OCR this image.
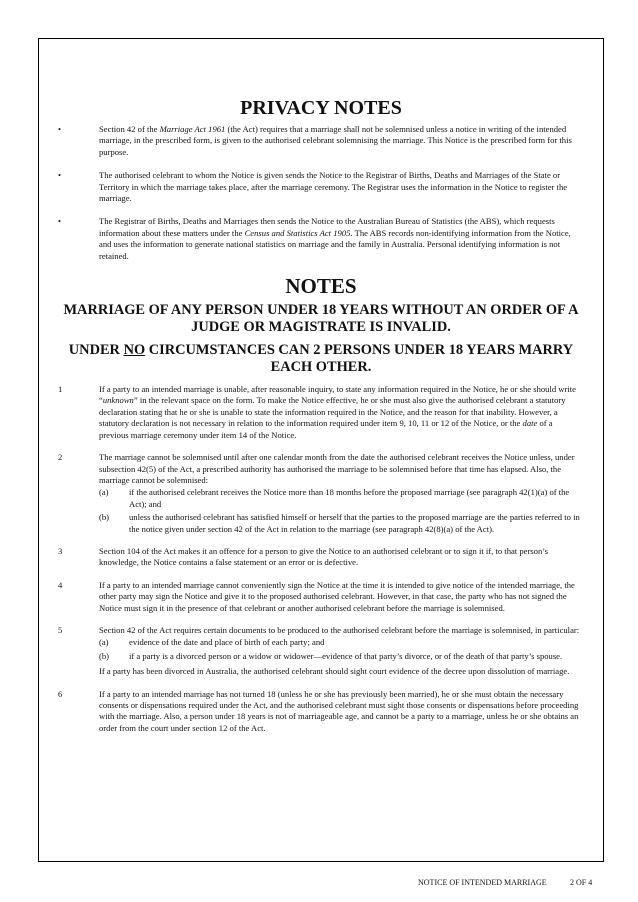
PRIVACY NOTES
•	Section 42 of the Marriage Act 1961 (the Act) requires that a marriage shall not be solemnised unless a notice in writing of the intended marriage, in the prescribed form, is given to the authorised celebrant solemnising the marriage. This Notice is the prescribed form for this purpose.
•	The authorised celebrant to whom the Notice is given sends the Notice to the Registrar of Births, Deaths and Marriages of the State or Territory in which the marriage takes place, after the marriage ceremony. The Registrar uses the information in the Notice to register the marriage.
•	The Registrar of Births, Deaths and Marriages then sends the Notice to the Australian Bureau of Statistics (the ABS), which requests information about these matters under the Census and Statistics Act 1905. The ABS records non-identifying information from the Notice, and uses the information to generate national statistics on marriage and the family in Australia. Personal identifying information is not retained.
NOTES
MARRIAGE OF ANY PERSON UNDER 18 YEARS WITHOUT AN ORDER OF A JUDGE OR MAGISTRATE IS INVALID.
UNDER NO CIRCUMSTANCES CAN 2 PERSONS UNDER 18 YEARS MARRY EACH OTHER.
1	If a party to an intended marriage is unable, after reasonable inquiry, to state any information required in the Notice, he or she should write “unknown” in the relevant space on the form. To make the Notice effective, he or she must also give the authorised celebrant a statutory declaration stating that he or she is unable to state the information required in the Notice, and the reason for that inability. However, a statutory declaration is not necessary in relation to the information required under item 9, 10, 11 or 12 of the Notice, or the date of a previous marriage ceremony under item 14 of the Notice.
2	The marriage cannot be solemnised until after one calendar month from the date the authorised celebrant receives the Notice unless, under subsection 42(5) of the Act, a prescribed authority has authorised the marriage to be solemnised before that time has elapsed. Also, the marriage cannot be solemnised:
(a) if the authorised celebrant receives the Notice more than 18 months before the proposed marriage (see paragraph 42(1)(a) of the Act); and
(b) unless the authorised celebrant has satisfied himself or herself that the parties to the proposed marriage are the parties referred to in the notice given under section 42 of the Act in relation to the marriage (see paragraph 42(8)(a) of the Act).
3	Section 104 of the Act makes it an offence for a person to give the Notice to an authorised celebrant or to sign it if, to that person’s knowledge, the Notice contains a false statement or an error or is defective.
4	If a party to an intended marriage cannot conveniently sign the Notice at the time it is intended to give notice of the intended marriage, the other party may sign the Notice and give it to the proposed authorised celebrant. However, in that case, the party who has not signed the Notice must sign it in the presence of that celebrant or another authorised celebrant before the marriage is solemnised.
5	Section 42 of the Act requires certain documents to be produced to the authorised celebrant before the marriage is solemnised, in particular:
(a) evidence of the date and place of birth of each party; and
(b) if a party is a divorced person or a widow or widower—evidence of that party’s divorce, or of the death of that party’s spouse.
If a party has been divorced in Australia, the authorised celebrant should sight court evidence of the decree upon dissolution of marriage.
6	If a party to an intended marriage has not turned 18 (unless he or she has previously been married), he or she must obtain the necessary consents or dispensations required under the Act, and the authorised celebrant must sight those consents or dispensations before proceeding with the marriage. Also, a person under 18 years is not of marriageable age, and cannot be a party to a marriage, unless he or she obtains an order from the court under section 12 of the Act.
NOTICE OF INTENDED MARRIAGE	2 OF 4
